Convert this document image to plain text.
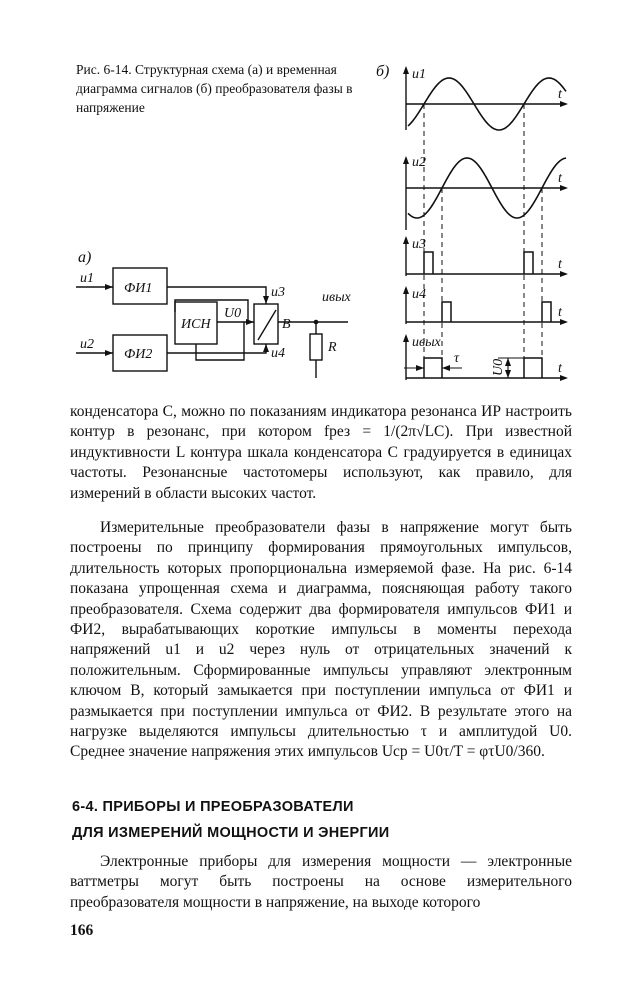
Рис. 6-14. Структурная схема (а) и временная диаграмма сигналов (б) преобразователя фазы в напряжение
а)
б)
ФИ1
ФИ2
ИСН
u1
u2
U0
u3
u4
B
uвых
R
u1
u2
u3
u4
uвых
t
t
t
t
t
τ
U0

конденсатора C, можно по показаниям индикатора резонанса ИР настроить контур в резонанс, при котором fрез = 1/(2π√LC). При известной индуктивности L контура шкала конденсатора C градуируется в единицах частоты. Резонансные частотомеры используют, как правило, для измерений в области высоких частот.

Измерительные преобразователи фазы в напряжение могут быть построены по принципу формирования прямоугольных импульсов, длительность которых пропорциональна измеряемой фазе. На рис. 6-14 показана упрощенная схема и диаграмма, поясняющая работу такого преобразователя. Схема содержит два формирователя импульсов ФИ1 и ФИ2, вырабатывающих короткие импульсы в моменты перехода напряжений u1 и u2 через нуль от отрицательных значений к положительным. Сформированные импульсы управляют электронным ключом B, который замыкается при поступлении импульса от ФИ1 и размыкается при поступлении импульса от ФИ2. В результате этого на нагрузке выделяются импульсы длительностью τ и амплитудой U0. Среднее значение напряжения этих импульсов Uср = U0τ/T = φτU0/360.

6-4. ПРИБОРЫ И ПРЕОБРАЗОВАТЕЛИ
ДЛЯ ИЗМЕРЕНИЙ МОЩНОСТИ И ЭНЕРГИИ

Электронные приборы для измерения мощности — электронные ваттметры могут быть построены на основе измерительного преобразователя мощности в напряжение, на выходе которого

166
